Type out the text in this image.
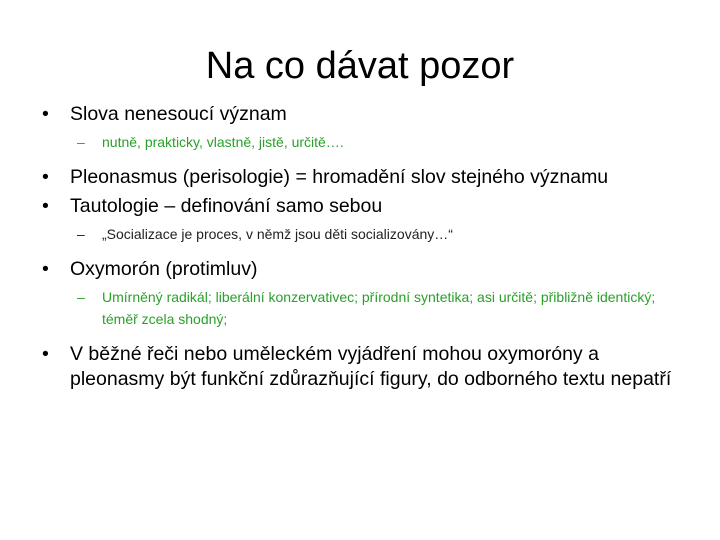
Na co dávat pozor
• Slova nenesoucí význam
– nutně, prakticky, vlastně, jistě, určitě….
• Pleonasmus (perisologie) = hromadění slov stejného významu
• Tautologie – definování samo sebou
– „Socializace je proces, v němž jsou děti socializovány…“
• Oxymorón (protimluv)
– Umírněný radikál; liberální konzervativec; přírodní syntetika; asi určitě; přibližně identický; téměř zcela shodný;
• V běžné řeči nebo uměleckém vyjádření mohou oxymoróny a pleonasmy být funkční zdůrazňující figury, do odborného textu nepatří
